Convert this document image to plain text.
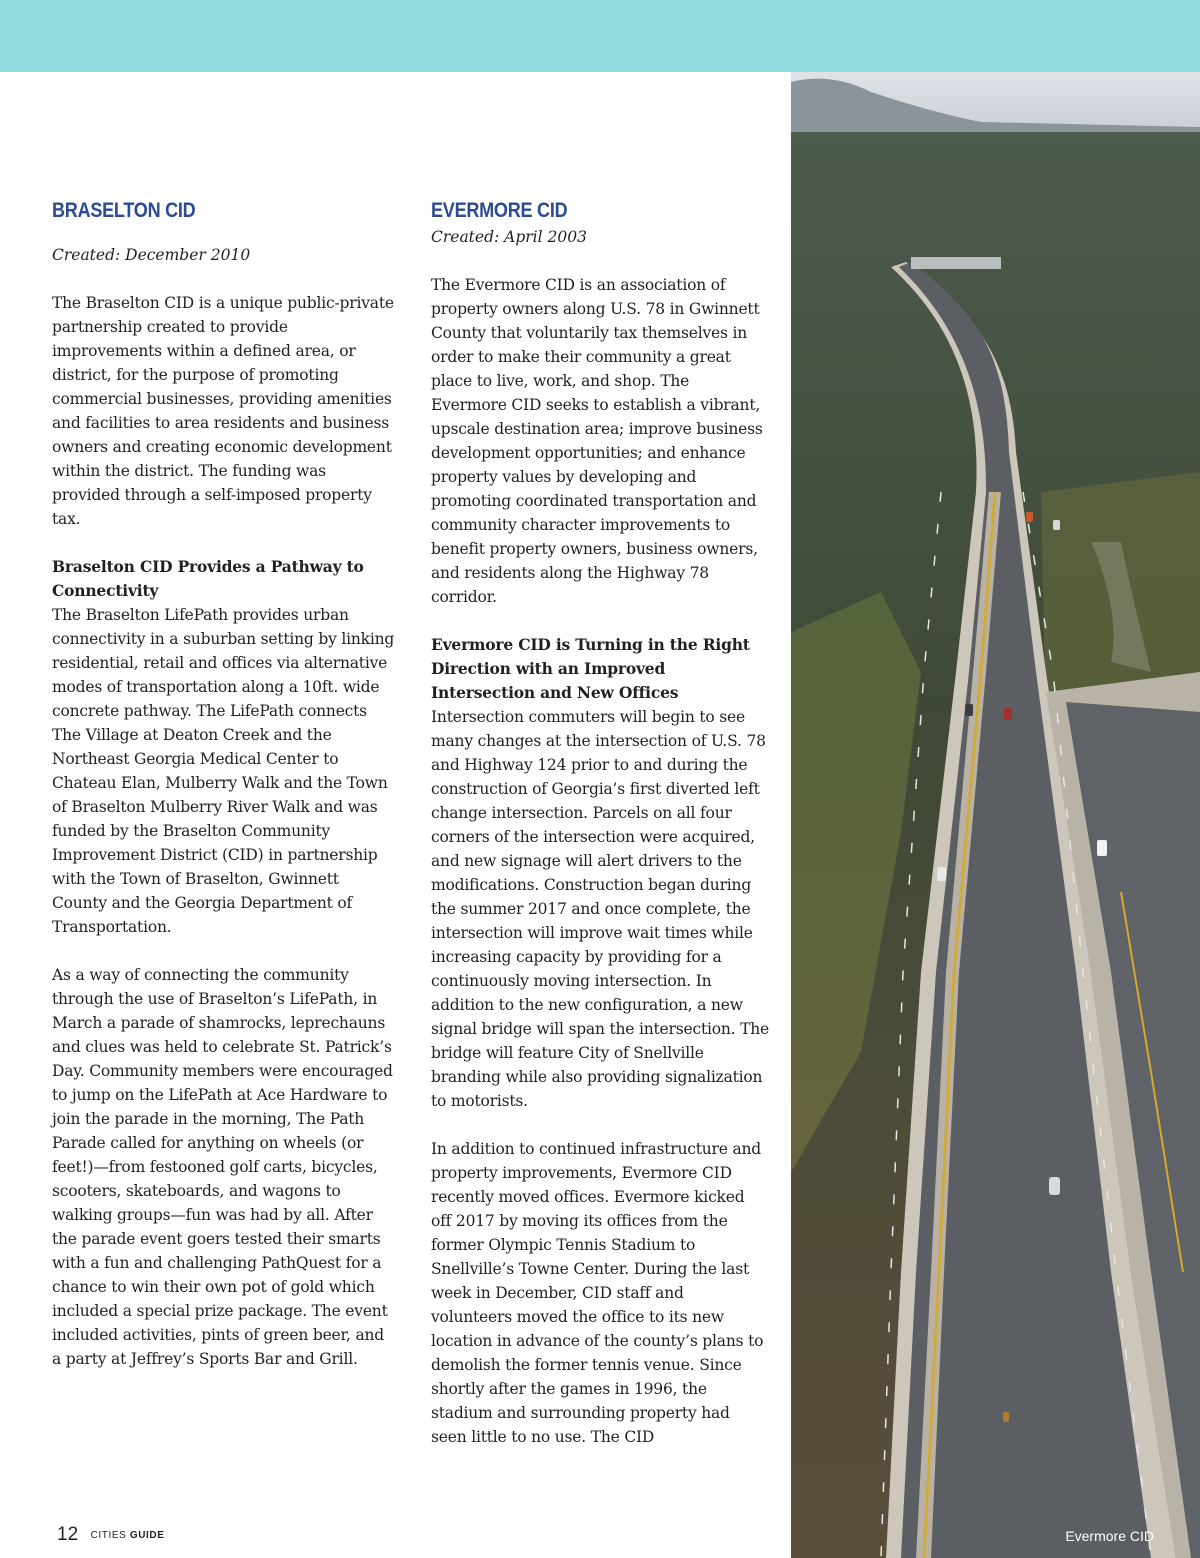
BRASELTON CID

Created: December 2010

The Braselton CID is a unique public-private partnership created to provide improvements within a defined area, or district, for the purpose of promoting commercial businesses, providing amenities and facilities to area residents and business owners and creating economic development within the district. The funding was provided through a self-imposed property tax.

Braselton CID Provides a Pathway to Connectivity

The Braselton LifePath provides urban connectivity in a suburban setting by linking residential, retail and offices via alternative modes of transportation along a 10ft. wide concrete pathway. The LifePath connects The Village at Deaton Creek and the Northeast Georgia Medical Center to Chateau Elan, Mulberry Walk and the Town of Braselton Mulberry River Walk and was funded by the Braselton Community Improvement District (CID) in partnership with the Town of Braselton, Gwinnett County and the Georgia Department of Transportation.

As a way of connecting the community through the use of Braselton’s LifePath, in March a parade of shamrocks, leprechauns and clues was held to celebrate St. Patrick’s Day. Community members were encouraged to jump on the LifePath at Ace Hardware to join the parade in the morning, The Path Parade called for anything on wheels (or feet!)—from festooned golf carts, bicycles, scooters, skateboards, and wagons to walking groups—fun was had by all. After the parade event goers tested their smarts with a fun and challenging PathQuest for a chance to win their own pot of gold which included a special prize package. The event included activities, pints of green beer, and a party at Jeffrey’s Sports Bar and Grill.

EVERMORE CID

Created: April 2003

The Evermore CID is an association of property owners along U.S. 78 in Gwinnett County that voluntarily tax themselves in order to make their community a great place to live, work, and shop. The Evermore CID seeks to establish a vibrant, upscale destination area; improve business development opportunities; and enhance property values by developing and promoting coordinated transportation and community character improvements to benefit property owners, business owners, and residents along the Highway 78 corridor.

Evermore CID is Turning in the Right Direction with an Improved Intersection and New Offices

Intersection commuters will begin to see many changes at the intersection of U.S. 78 and Highway 124 prior to and during the construction of Georgia’s first diverted left change intersection. Parcels on all four corners of the intersection were acquired, and new signage will alert drivers to the modifications. Construction began during the summer 2017 and once complete, the intersection will improve wait times while increasing capacity by providing for a continuously moving intersection. In addition to the new configuration, a new signal bridge will span the intersection. The bridge will feature City of Snellville branding while also providing signalization to motorists.

In addition to continued infrastructure and property improvements, Evermore CID recently moved offices. Evermore kicked off 2017 by moving its offices from the former Olympic Tennis Stadium to Snellville’s Towne Center. During the last week in December, CID staff and volunteers moved the office to its new location in advance of the county’s plans to demolish the former tennis venue. Since shortly after the games in 1996, the stadium and surrounding property had seen little to no use. The CID

Evermore CID
12 CITIES GUIDE
